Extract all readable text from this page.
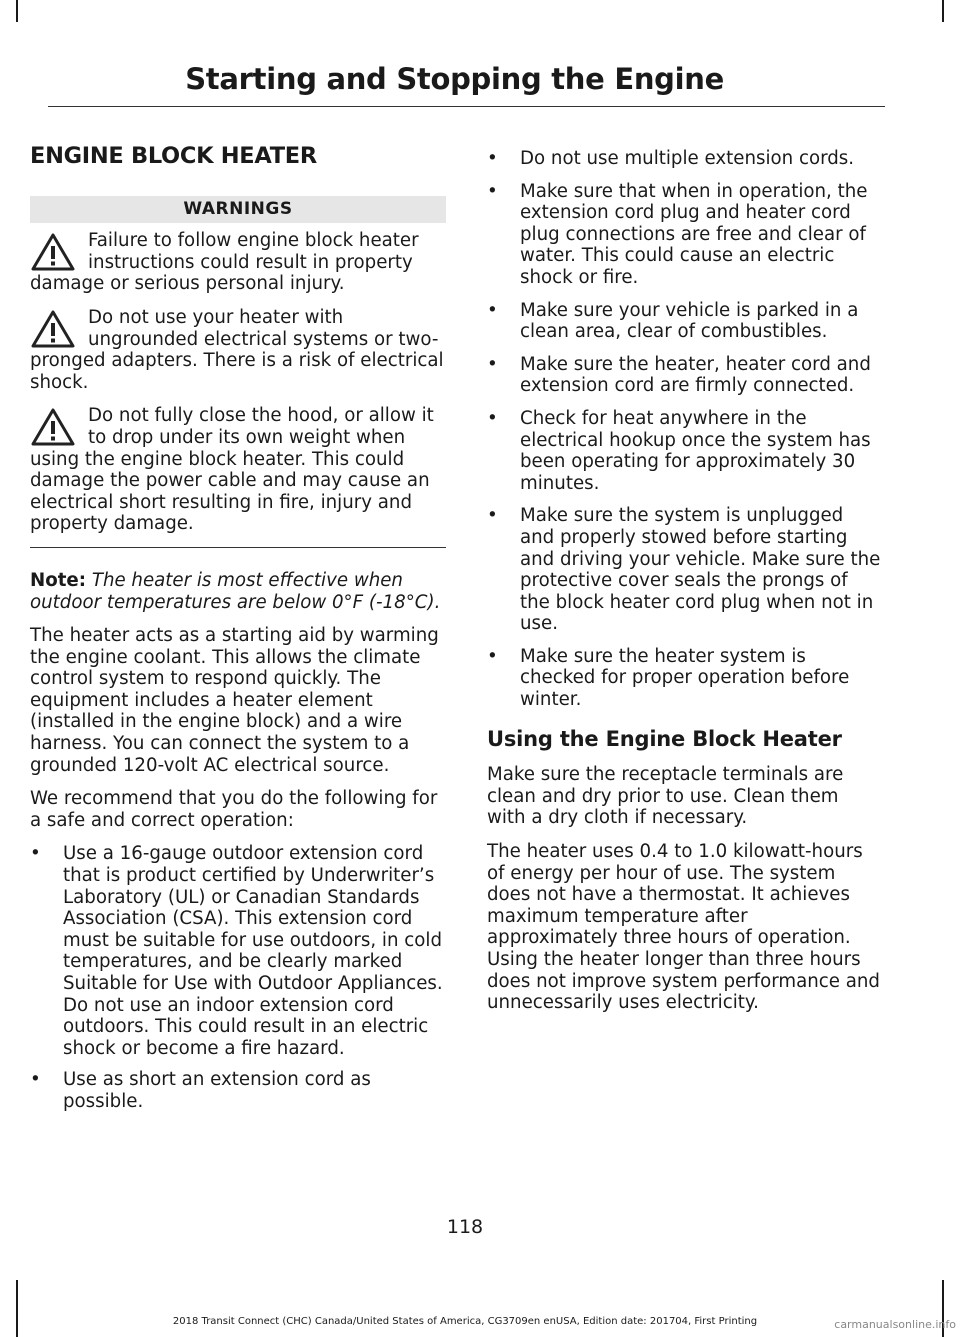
Starting and Stopping the Engine
ENGINE BLOCK HEATER
WARNINGS
Failure to follow engine block heater instructions could result in property damage or serious personal injury.
Do not use your heater with ungrounded electrical systems or two-pronged adapters. There is a risk of electrical shock.
Do not fully close the hood, or allow it to drop under its own weight when using the engine block heater. This could damage the power cable and may cause an electrical short resulting in fire, injury and property damage.

Note: The heater is most effective when outdoor temperatures are below 0°F (-18°C).

The heater acts as a starting aid by warming the engine coolant. This allows the climate control system to respond quickly. The equipment includes a heater element (installed in the engine block) and a wire harness. You can connect the system to a grounded 120-volt AC electrical source.

We recommend that you do the following for a safe and correct operation:

• Use a 16-gauge outdoor extension cord that is product certified by Underwriter’s Laboratory (UL) or Canadian Standards Association (CSA). This extension cord must be suitable for use outdoors, in cold temperatures, and be clearly marked Suitable for Use with Outdoor Appliances. Do not use an indoor extension cord outdoors. This could result in an electric shock or become a fire hazard.
• Use as short an extension cord as possible.
• Do not use multiple extension cords.
• Make sure that when in operation, the extension cord plug and heater cord plug connections are free and clear of water. This could cause an electric shock or fire.
• Make sure your vehicle is parked in a clean area, clear of combustibles.
• Make sure the heater, heater cord and extension cord are firmly connected.
• Check for heat anywhere in the electrical hookup once the system has been operating for approximately 30 minutes.
• Make sure the system is unplugged and properly stowed before starting and driving your vehicle. Make sure the protective cover seals the prongs of the block heater cord plug when not in use.
• Make sure the heater system is checked for proper operation before winter.
Using the Engine Block Heater

Make sure the receptacle terminals are clean and dry prior to use. Clean them with a dry cloth if necessary.

The heater uses 0.4 to 1.0 kilowatt-hours of energy per hour of use. The system does not have a thermostat. It achieves maximum temperature after approximately three hours of operation. Using the heater longer than three hours does not improve system performance and unnecessarily uses electricity.

118
2018 Transit Connect (CHC) Canada/United States of America, CG3709en enUSA, Edition date: 201704, First Printing	carmanualsonline.info
